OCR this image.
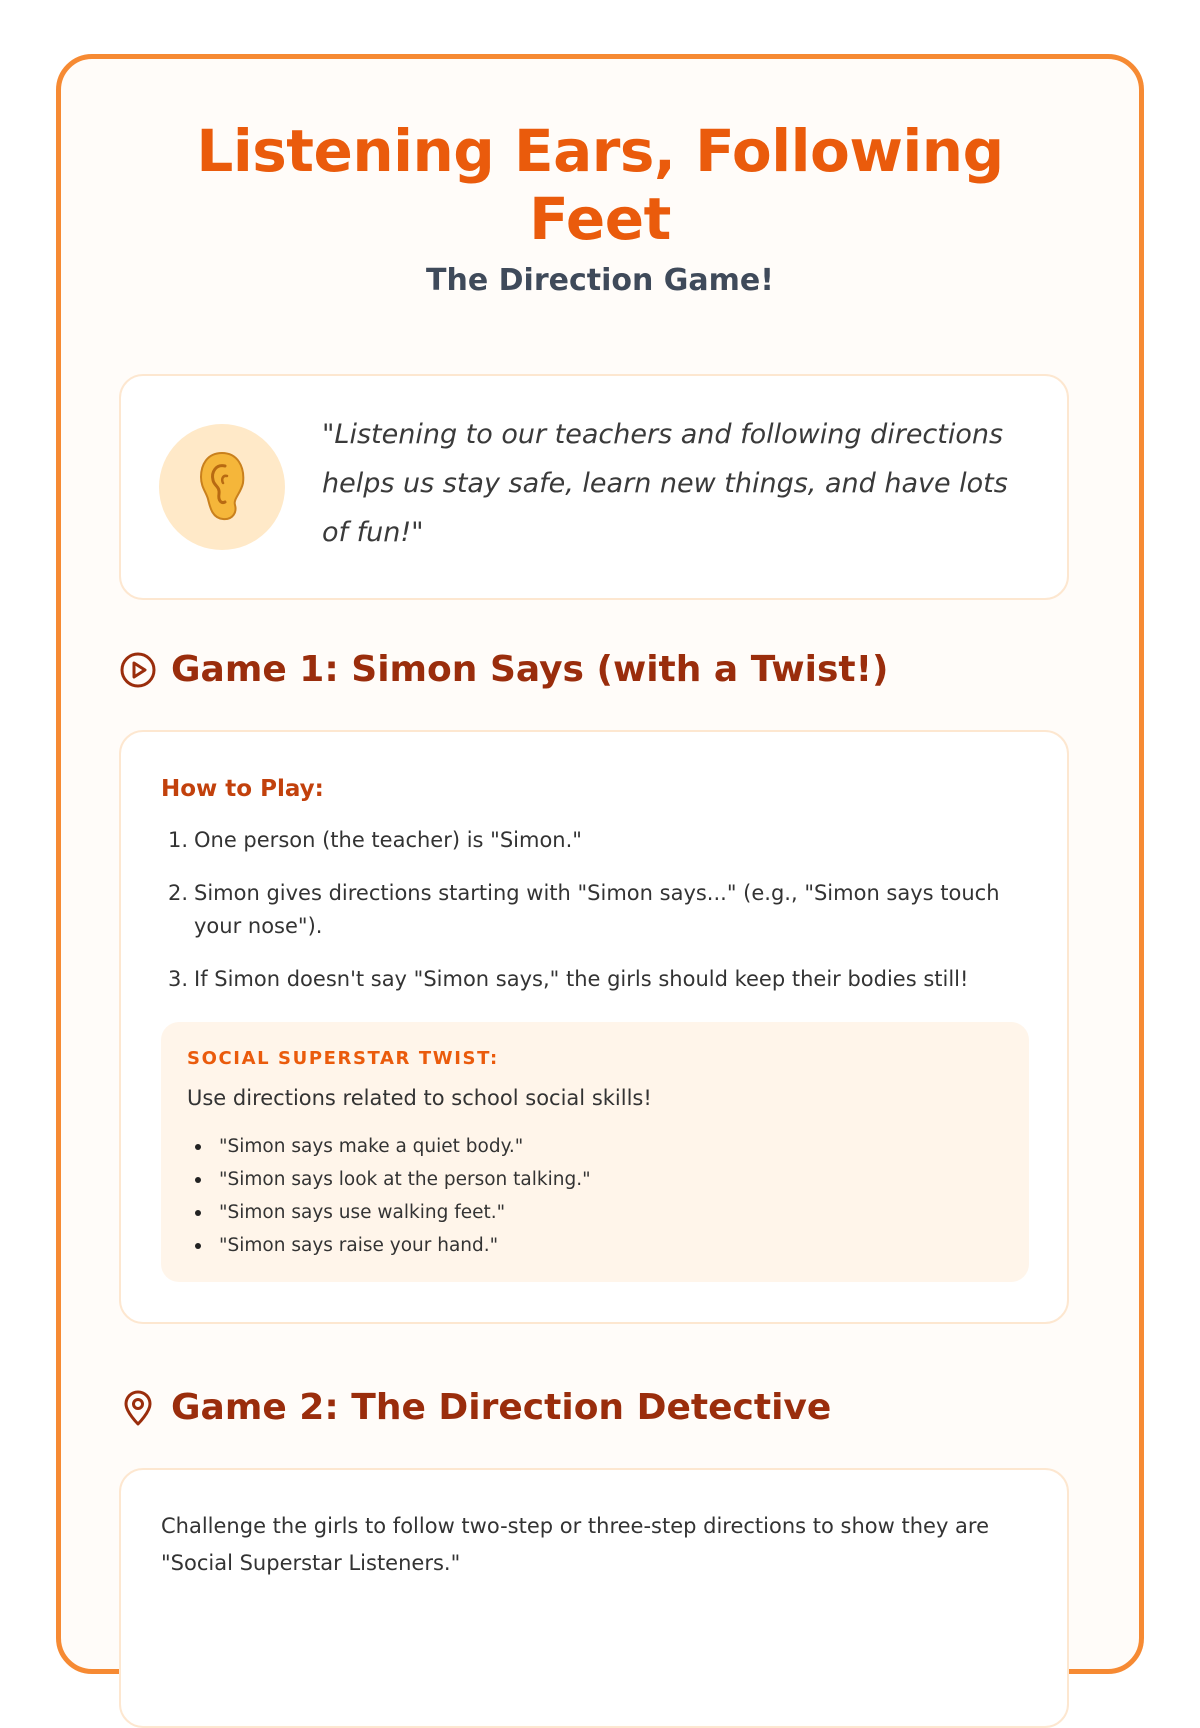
Listening Ears, Following Feet
The Direction Game!
"Listening to our teachers and following directions helps us stay safe, learn new things, and have lots of fun!"
Game 1: Simon Says (with a Twist!)
How to Play:
1. One person (the teacher) is "Simon."
2. Simon gives directions starting with "Simon says..." (e.g., "Simon says touch your nose").
3. If Simon doesn't say "Simon says," the girls should keep their bodies still!
SOCIAL SUPERSTAR TWIST:
Use directions related to school social skills!
"Simon says make a quiet body."
"Simon says look at the person talking."
"Simon says use walking feet."
"Simon says raise your hand."
Game 2: The Direction Detective
Challenge the girls to follow two-step or three-step directions to show they are "Social Superstar Listeners."
